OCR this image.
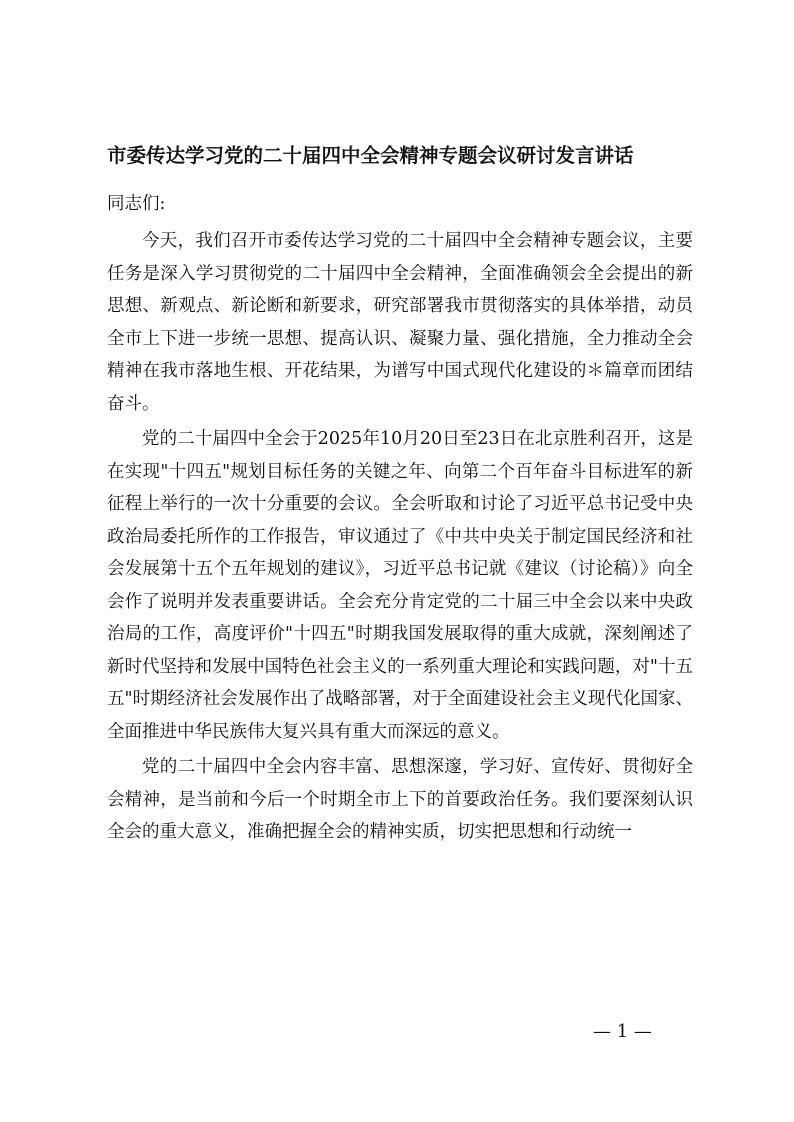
市委传达学习党的二十届四中全会精神专题会议研讨发言讲话

同志们:

今天，我们召开市委传达学习党的二十届四中全会精神专题会议，主要任务是深入学习贯彻党的二十届四中全会精神，全面准确领会全会提出的新思想、新观点、新论断和新要求，研究部署我市贯彻落实的具体举措，动员全市上下进一步统一思想、提高认识、凝聚力量、强化措施，全力推动全会精神在我市落地生根、开花结果，为谱写中国式现代化建设的＊篇章而团结奋斗。

党的二十届四中全会于2025年10月20日至23日在北京胜利召开，这是在实现"十四五"规划目标任务的关键之年、向第二个百年奋斗目标进军的新征程上举行的一次十分重要的会议。全会听取和讨论了习近平总书记受中央政治局委托所作的工作报告，审议通过了《中共中央关于制定国民经济和社会发展第十五个五年规划的建议》，习近平总书记就《建议（讨论稿）》向全会作了说明并发表重要讲话。全会充分肯定党的二十届三中全会以来中央政治局的工作，高度评价"十四五"时期我国发展取得的重大成就，深刻阐述了新时代坚持和发展中国特色社会主义的一系列重大理论和实践问题，对"十五五"时期经济社会发展作出了战略部署，对于全面建设社会主义现代化国家、全面推进中华民族伟大复兴具有重大而深远的意义。

党的二十届四中全会内容丰富、思想深邃，学习好、宣传好、贯彻好全会精神，是当前和今后一个时期全市上下的首要政治任务。我们要深刻认识全会的重大意义，准确把握全会的精神实质，切实把思想和行动统一

— 1 —
